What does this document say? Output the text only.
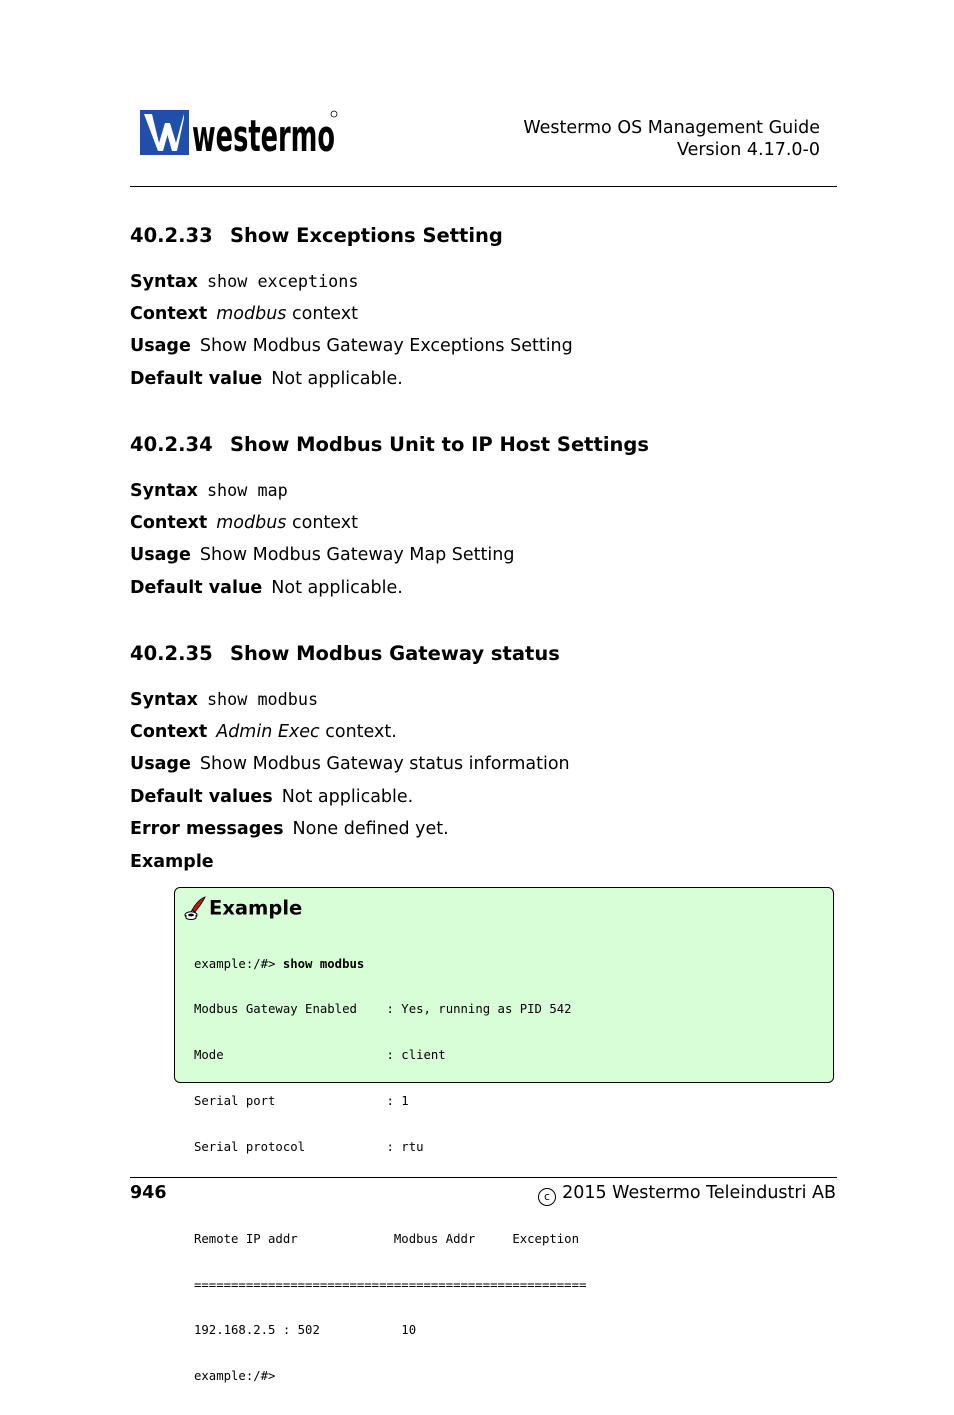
westermo	Westermo OS Management Guide
Version 4.17.0-0
40.2.33 Show Exceptions Setting
Syntax show exceptions
Context modbus context
Usage Show Modbus Gateway Exceptions Setting
Default value Not applicable.
40.2.34 Show Modbus Unit to IP Host Settings
Syntax show map
Context modbus context
Usage Show Modbus Gateway Map Setting
Default value Not applicable.
40.2.35 Show Modbus Gateway status
Syntax show modbus
Context Admin Exec context.
Usage Show Modbus Gateway status information
Default values Not applicable.
Error messages None defined yet.
Example
Example

example:/#> show modbus

Modbus Gateway Enabled    : Yes, running as PID 542

Mode                      : client

Serial port               : 1

Serial protocol           : rtu

Remote IP addr             Modbus Addr     Exception

=====================================================

192.168.2.5 : 502           10

example:/#>

946	c 2015 Westermo Teleindustri AB
